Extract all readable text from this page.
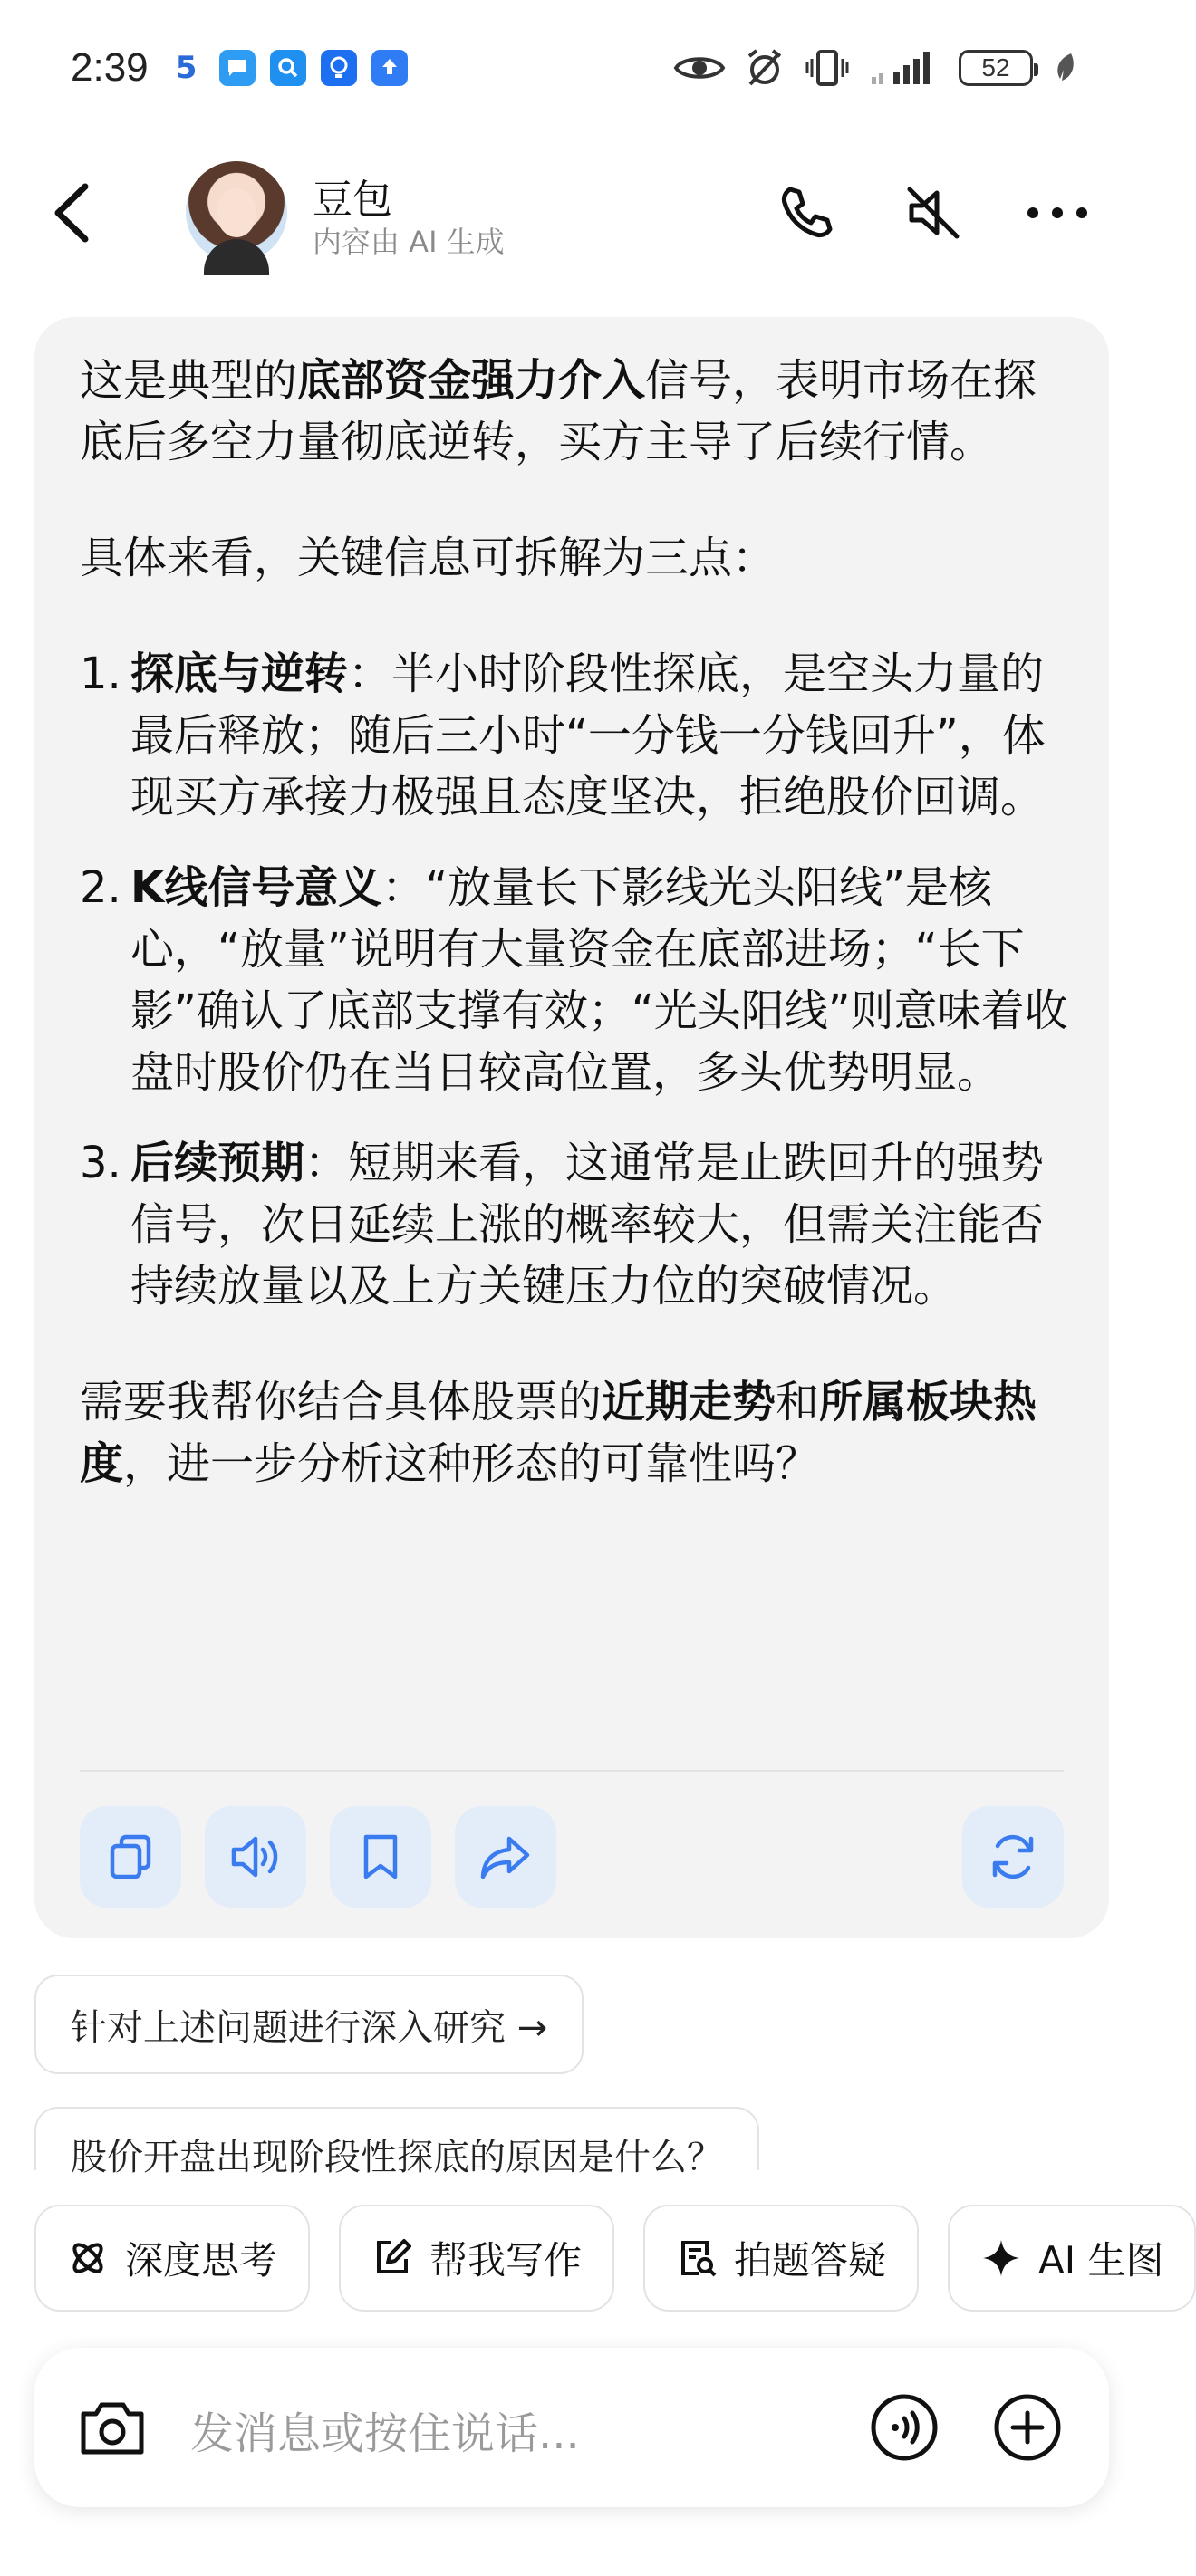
2:39 5	52
豆包
内容由 AI 生成
这是典型的底部资金强力介入信号，表明市场在探底后多空力量彻底逆转，买方主导了后续行情。
具体来看，关键信息可拆解为三点：
1. 探底与逆转：半小时阶段性探底，是空头力量的最后释放；随后三小时“一分钱一分钱回升”，体现买方承接力极强且态度坚决，拒绝股价回调。
2. K线信号意义：“放量长下影线光头阳线”是核心，“放量”说明有大量资金在底部进场；“长下影”确认了底部支撑有效；“光头阳线”则意味着收盘时股价仍在当日较高位置，多头优势明显。
3. 后续预期：短期来看，这通常是止跌回升的强势信号，次日延续上涨的概率较大，但需关注能否持续放量以及上方关键压力位的突破情况。
需要我帮你结合具体股票的近期走势和所属板块热度，进一步分析这种形态的可靠性吗？
针对上述问题进行深入研究 →
股价开盘出现阶段性探底的原因是什么？
深度思考	帮我写作	拍题答疑	AI 生图
发消息或按住说话...
